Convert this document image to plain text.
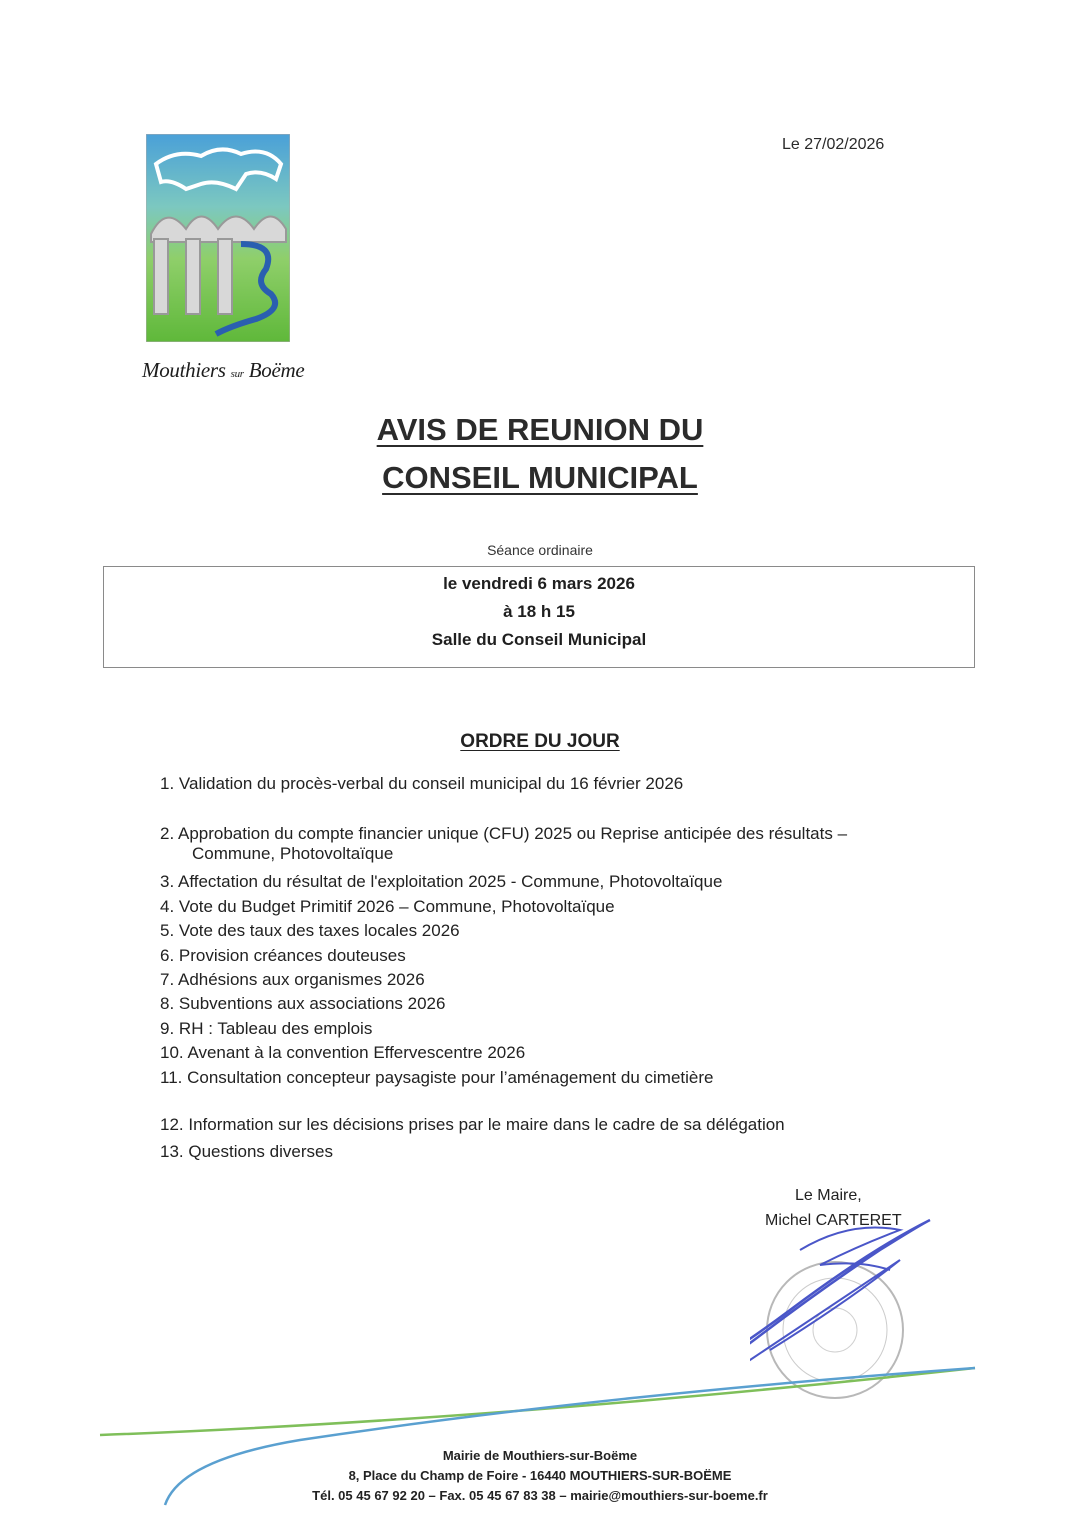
Le 27/02/2026
Mouthiers sur Boëme
AVIS DE REUNION DU
CONSEIL MUNICIPAL
Séance ordinaire
le vendredi 6 mars 2026
à 18 h 15
Salle du Conseil Municipal
ORDRE DU JOUR
1. Validation du procès-verbal du conseil municipal du 16 février 2026
2. Approbation du compte financier unique (CFU) 2025 ou Reprise anticipée des résultats –
Commune, Photovoltaïque
3. Affectation du résultat de l'exploitation 2025 - Commune, Photovoltaïque
4. Vote du Budget Primitif 2026 – Commune, Photovoltaïque
5. Vote des taux des taxes locales 2026
6. Provision créances douteuses
7. Adhésions aux organismes 2026
8. Subventions aux associations 2026
9. RH : Tableau des emplois
10. Avenant à la convention Effervescentre 2026
11. Consultation concepteur paysagiste pour l’aménagement du cimetière
12. Information sur les décisions prises par le maire dans le cadre de sa délégation
13. Questions diverses
Le Maire,
Michel CARTERET
Mairie de Mouthiers-sur-Boëme
8, Place du Champ de Foire - 16440 MOUTHIERS-SUR-BOËME
Tél. 05 45 67 92 20 – Fax. 05 45 67 83 38 – mairie@mouthiers-sur-boeme.fr
